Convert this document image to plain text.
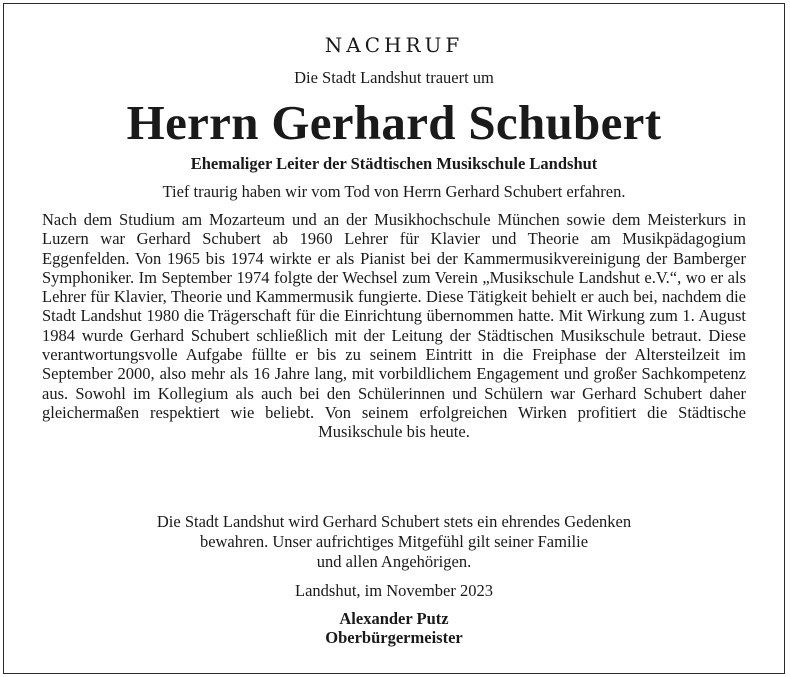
NACHRUF
Die Stadt Landshut trauert um
Herrn Gerhard Schubert
Ehemaliger Leiter der Städtischen Musikschule Landshut
Tief traurig haben wir vom Tod von Herrn Gerhard Schubert erfahren.
Nach dem Studium am Mozarteum und an der Musikhochschule München sowie dem Meisterkurs in Luzern war Gerhard Schubert ab 1960 Lehrer für Klavier und Theorie am Musikpädagogium Eggenfelden. Von 1965 bis 1974 wirkte er als Pianist bei der Kammermusikvereinigung der Bamberger Symphoniker. Im September 1974 folgte der Wechsel zum Verein „Musikschule Landshut e.V.“, wo er als Lehrer für Klavier, Theorie und Kammermusik fungierte. Diese Tätigkeit behielt er auch bei, nachdem die Stadt Landshut 1980 die Trägerschaft für die Einrichtung übernommen hatte. Mit Wirkung zum 1. August 1984 wurde Gerhard Schubert schließlich mit der Leitung der Städtischen Musikschule betraut. Diese verantwortungsvolle Aufgabe füllte er bis zu seinem Eintritt in die Freiphase der Altersteilzeit im September 2000, also mehr als 16 Jahre lang, mit vorbildlichem Engagement und großer Sachkompetenz aus. Sowohl im Kollegium als auch bei den Schülerinnen und Schülern war Gerhard Schubert daher gleichermaßen respektiert wie beliebt. Von seinem erfolgreichen Wirken profitiert die Städtische Musikschule bis heute.
Die Stadt Landshut wird Gerhard Schubert stets ein ehrendes Gedenken
bewahren. Unser aufrichtiges Mitgefühl gilt seiner Familie
und allen Angehörigen.
Landshut, im November 2023
Alexander Putz
Oberbürgermeister
